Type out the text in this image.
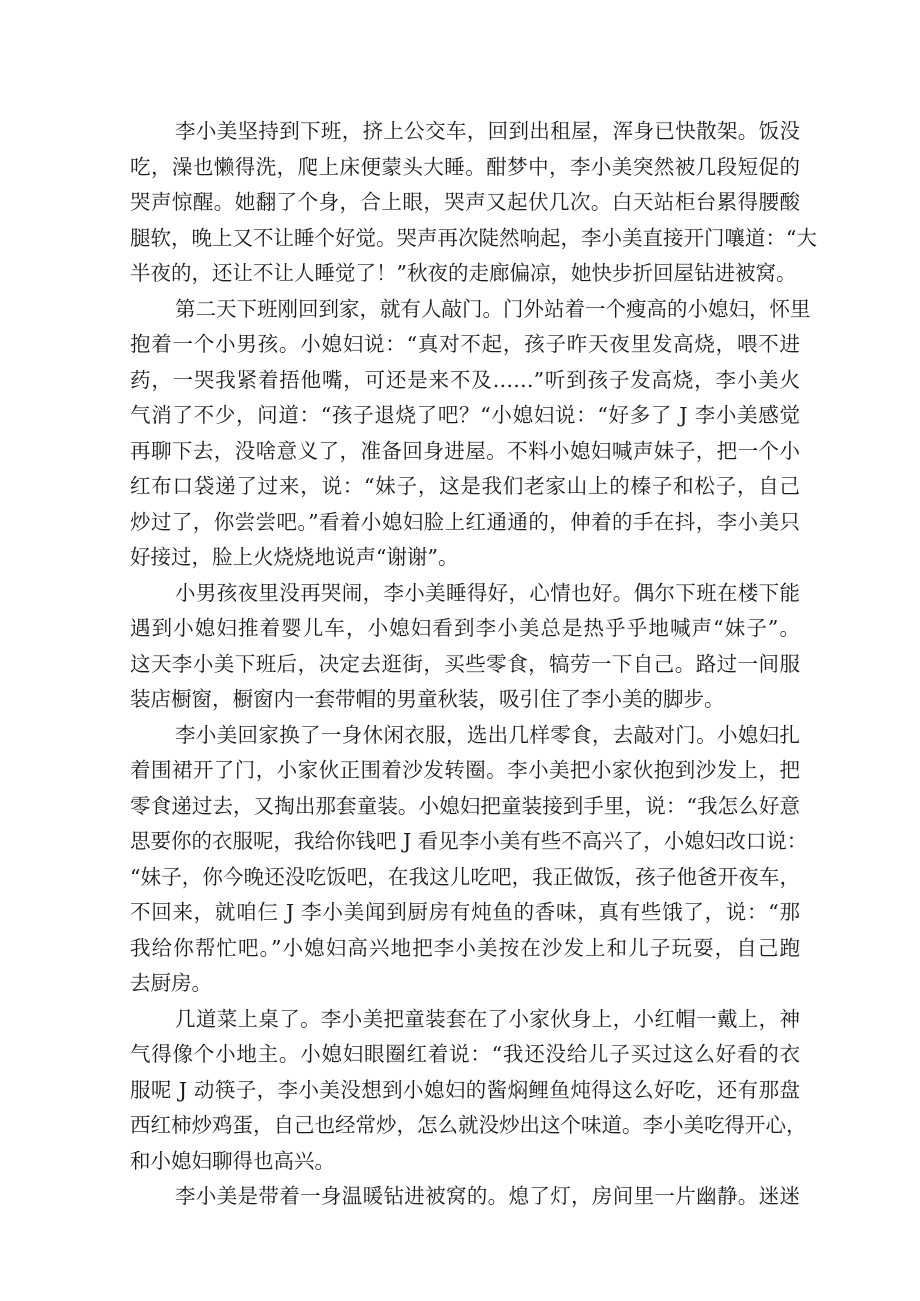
李小美坚持到下班，挤上公交车，回到出租屋，浑身已快散架。饭没
吃，澡也懒得洗，爬上床便蒙头大睡。酣梦中，李小美突然被几段短促的
哭声惊醒。她翻了个身，合上眼，哭声又起伏几次。白天站柜台累得腰酸
腿软，晚上又不让睡个好觉。哭声再次陡然响起，李小美直接开门嚷道：“大
半夜的，还让不让人睡觉了！”秋夜的走廊偏凉，她快步折回屋钻进被窝。
第二天下班刚回到家，就有人敲门。门外站着一个瘦高的小媳妇，怀里
抱着一个小男孩。小媳妇说：“真对不起，孩子昨天夜里发高烧，喂不进
药，一哭我紧着捂他嘴，可还是来不及……”听到孩子发高烧，李小美火
气消了不少，问道：“孩子退烧了吧？“小媳妇说：“好多了 J 李小美感觉
再聊下去，没啥意义了，准备回身进屋。不料小媳妇喊声妹子，把一个小
红布口袋递了过来，说：“妹子，这是我们老家山上的榛子和松子，自己
炒过了，你尝尝吧。”看着小媳妇脸上红通通的，伸着的手在抖，李小美只
好接过，脸上火烧烧地说声“谢谢”。
小男孩夜里没再哭闹，李小美睡得好，心情也好。偶尔下班在楼下能
遇到小媳妇推着婴儿车，小媳妇看到李小美总是热乎乎地喊声“妹子”。
这天李小美下班后，决定去逛街，买些零食，犒劳一下自己。路过一间服
装店橱窗，橱窗内一套带帽的男童秋装，吸引住了李小美的脚步。
李小美回家换了一身休闲衣服，选出几样零食，去敲对门。小媳妇扎
着围裙开了门，小家伙正围着沙发转圈。李小美把小家伙抱到沙发上，把
零食递过去，又掏出那套童装。小媳妇把童装接到手里，说：“我怎么好意
思要你的衣服呢，我给你钱吧 J 看见李小美有些不高兴了，小媳妇改口说：
“妹子，你今晚还没吃饭吧，在我这儿吃吧，我正做饭，孩子他爸开夜车，
不回来，就咱仨 J 李小美闻到厨房有炖鱼的香味，真有些饿了，说：“那
我给你帮忙吧。”小媳妇高兴地把李小美按在沙发上和儿子玩耍，自己跑
去厨房。
几道菜上桌了。李小美把童装套在了小家伙身上，小红帽一戴上，神
气得像个小地主。小媳妇眼圈红着说：“我还没给儿子买过这么好看的衣
服呢 J 动筷子，李小美没想到小媳妇的酱焖鲤鱼炖得这么好吃，还有那盘
西红柿炒鸡蛋，自己也经常炒，怎么就没炒出这个味道。李小美吃得开心，
和小媳妇聊得也高兴。
李小美是带着一身温暖钻进被窝的。熄了灯，房间里一片幽静。迷迷
